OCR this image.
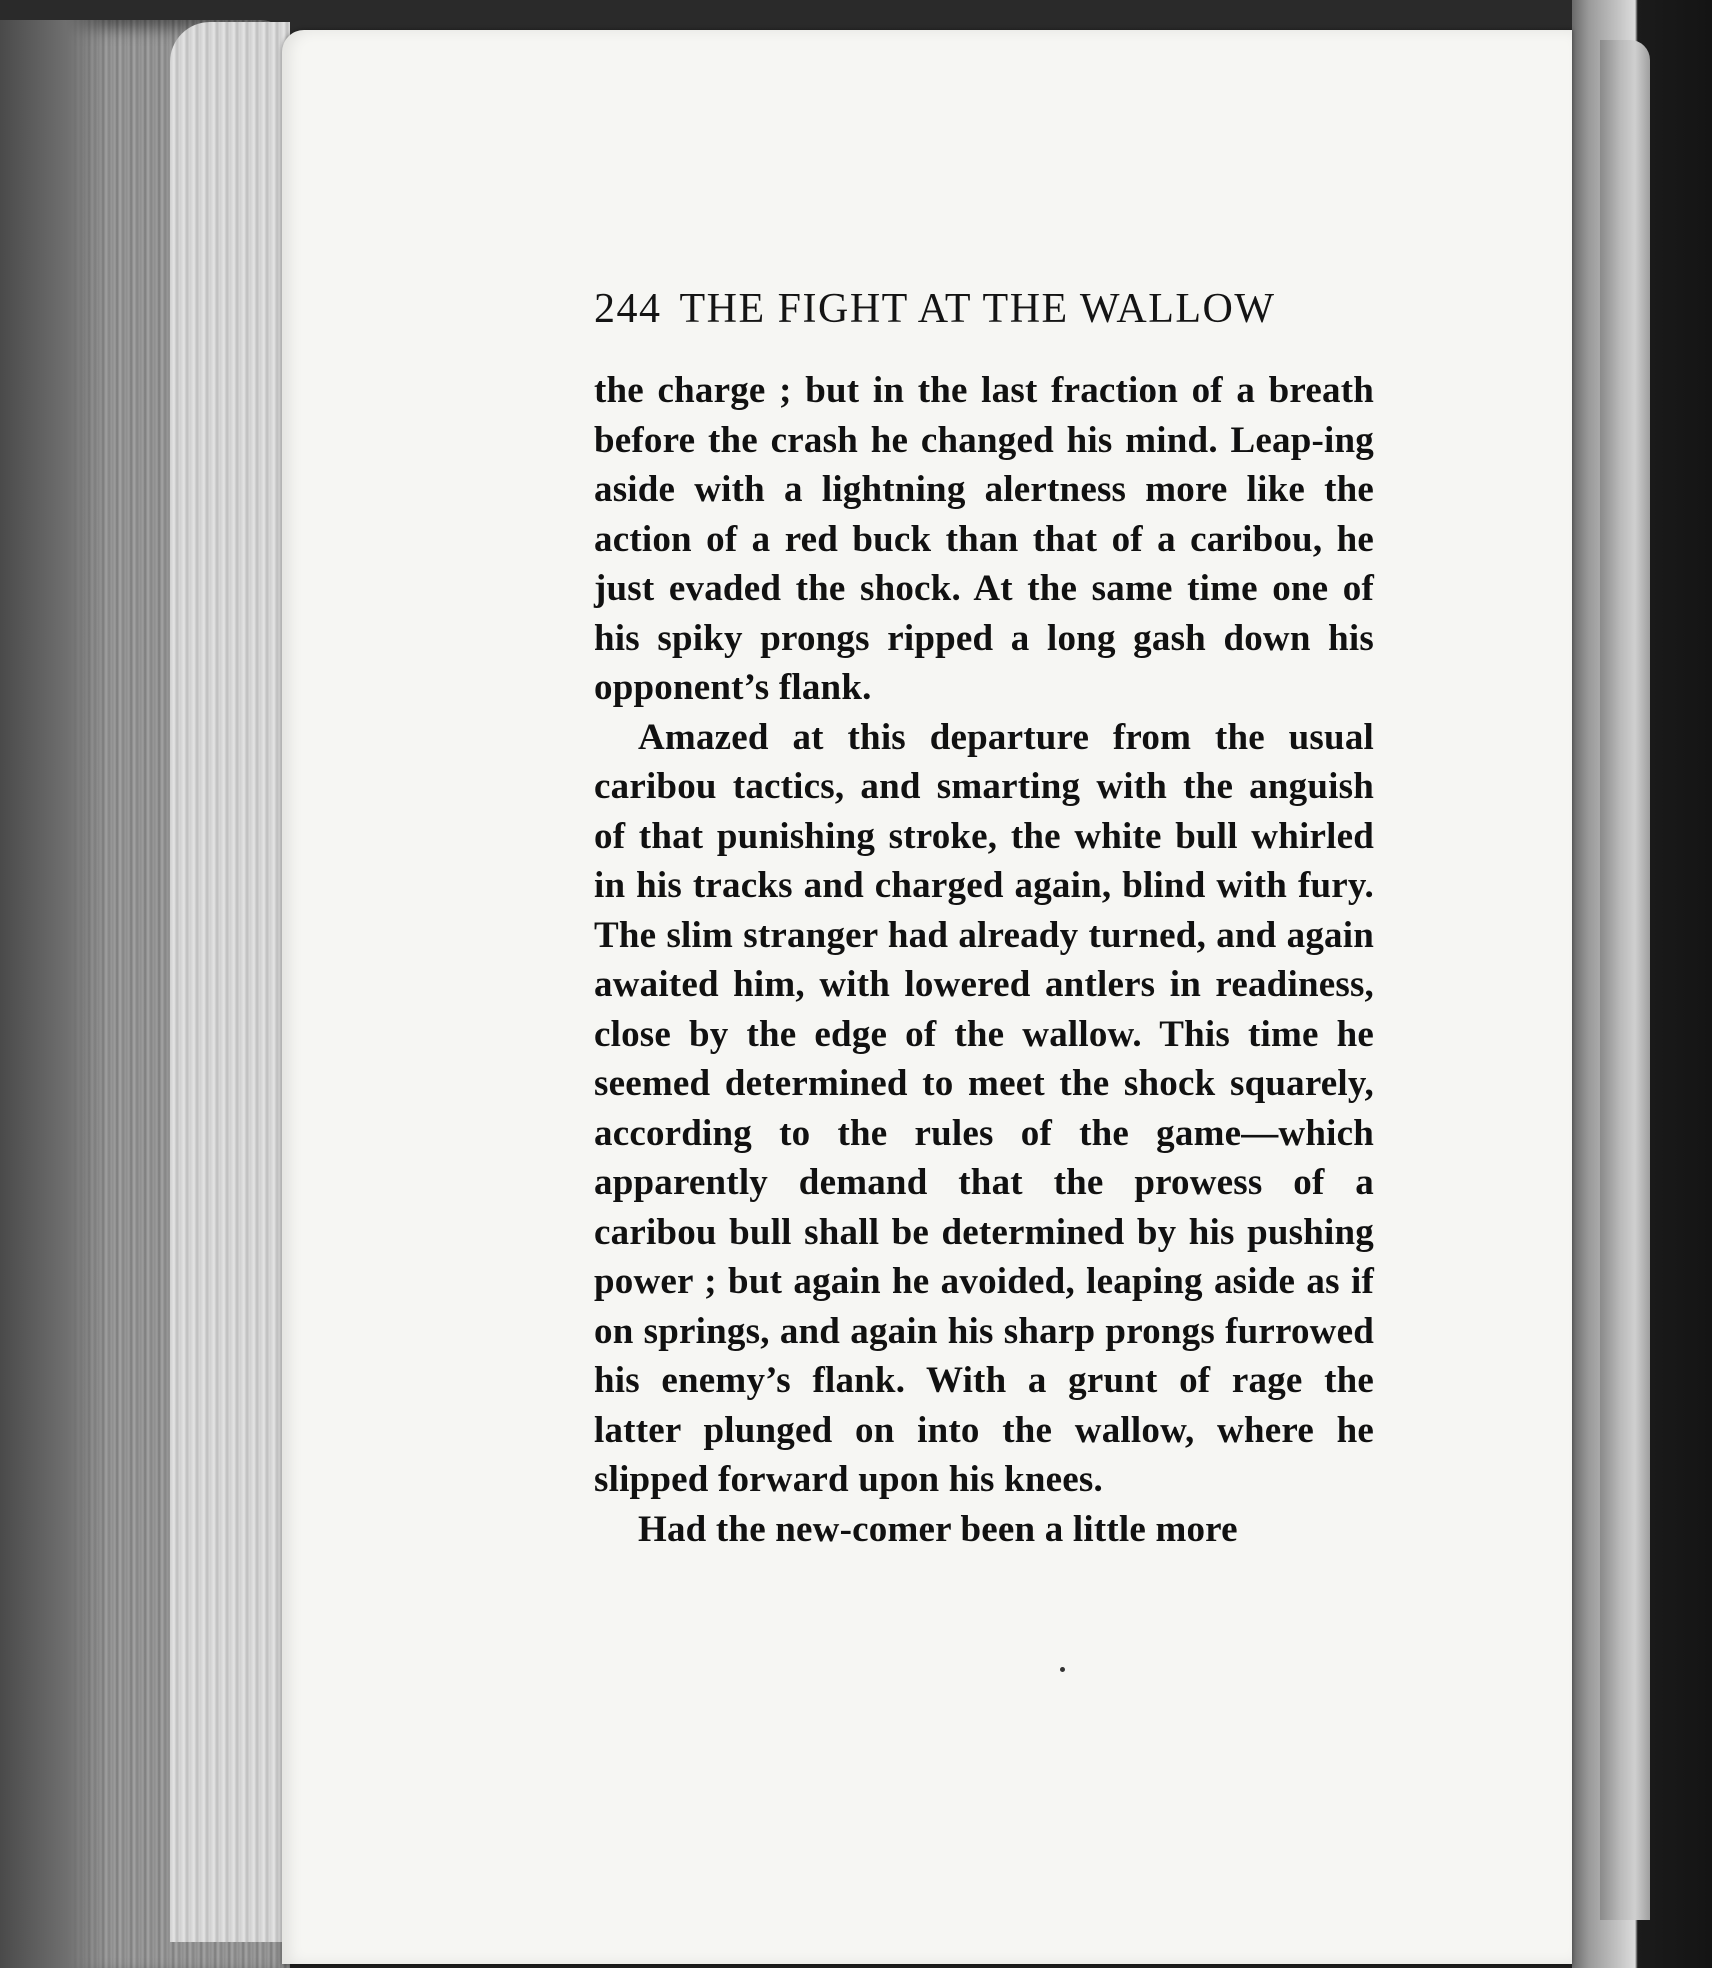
244 THE FIGHT AT THE WALLOW

the charge ; but in the last fraction of a breath before the crash he changed his mind. Leap-ing aside with a lightning alertness more like the action of a red buck than that of a caribou, he just evaded the shock. At the same time one of his spiky prongs ripped a long gash down his opponent’s flank.

Amazed at this departure from the usual caribou tactics, and smarting with the anguish of that punishing stroke, the white bull whirled in his tracks and charged again, blind with fury. The slim stranger had already turned, and again awaited him, with lowered antlers in readiness, close by the edge of the wallow. This time he seemed determined to meet the shock squarely, according to the rules of the game—which apparently demand that the prowess of a caribou bull shall be determined by his pushing power ; but again he avoided, leaping aside as if on springs, and again his sharp prongs furrowed his enemy’s flank. With a grunt of rage the latter plunged on into the wallow, where he slipped forward upon his knees.

Had the new-comer been a little more
